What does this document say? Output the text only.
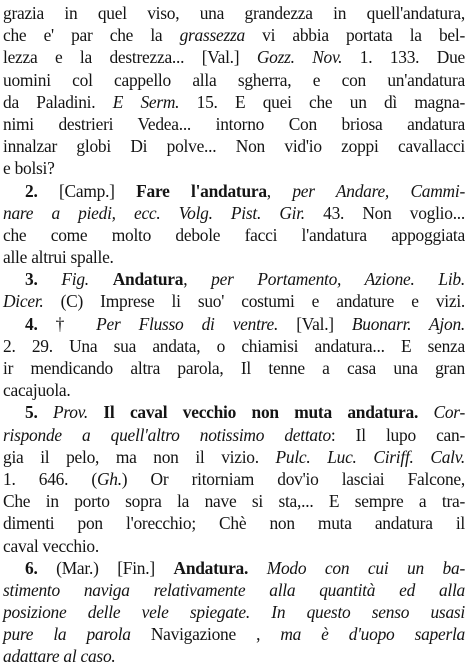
grazia in quel viso, una grandezza in quell'andatura,
che e' par che la grassezza vi abbia portata la bel-
lezza e la destrezza... [Val.] Gozz. Nov. 1. 133. Due
uomini col cappello alla sgherra, e con un'andatura
da Paladini. E Serm. 15. E quei che un dì magna-
nimi destrieri Vedea... intorno Con briosa andatura
innalzar globi Di polve... Non vid'io zoppi cavallacci
e bolsi?
2. [Camp.] Fare l'andatura, per Andare, Cammi-
nare a piedi, ecc. Volg. Pist. Gir. 43. Non voglio...
che come molto debole facci l'andatura appoggiata
alle altrui spalle.
3. Fig. Andatura, per Portamento, Azione. Lib.
Dicer. (C) Imprese li suo' costumi e andature e vizi.
4. † Per Flusso di ventre. [Val.] Buonarr. Ajon.
2. 29. Una sua andata, o chiamisi andatura... E senza
ir mendicando altra parola, Il tenne a casa una gran
cacajuola.
5. Prov. Il caval vecchio non muta andatura. Cor-
risponde a quell'altro notissimo dettato: Il lupo can-
gia il pelo, ma non il vizio. Pulc. Luc. Ciriff. Calv.
1. 646. (Gh.) Or ritorniam dov'io lasciai Falcone,
Che in porto sopra la nave si sta,... E sempre a tra-
dimenti pon l'orecchio; Chè non muta andatura il
caval vecchio.
6. (Mar.) [Fin.] Andatura. Modo con cui un ba-
stimento naviga relativamente alla quantità ed alla
posizione delle vele spiegate. In questo senso usasi
pure la parola Navigazione , ma è d'uopo saperla
adattare al caso.
